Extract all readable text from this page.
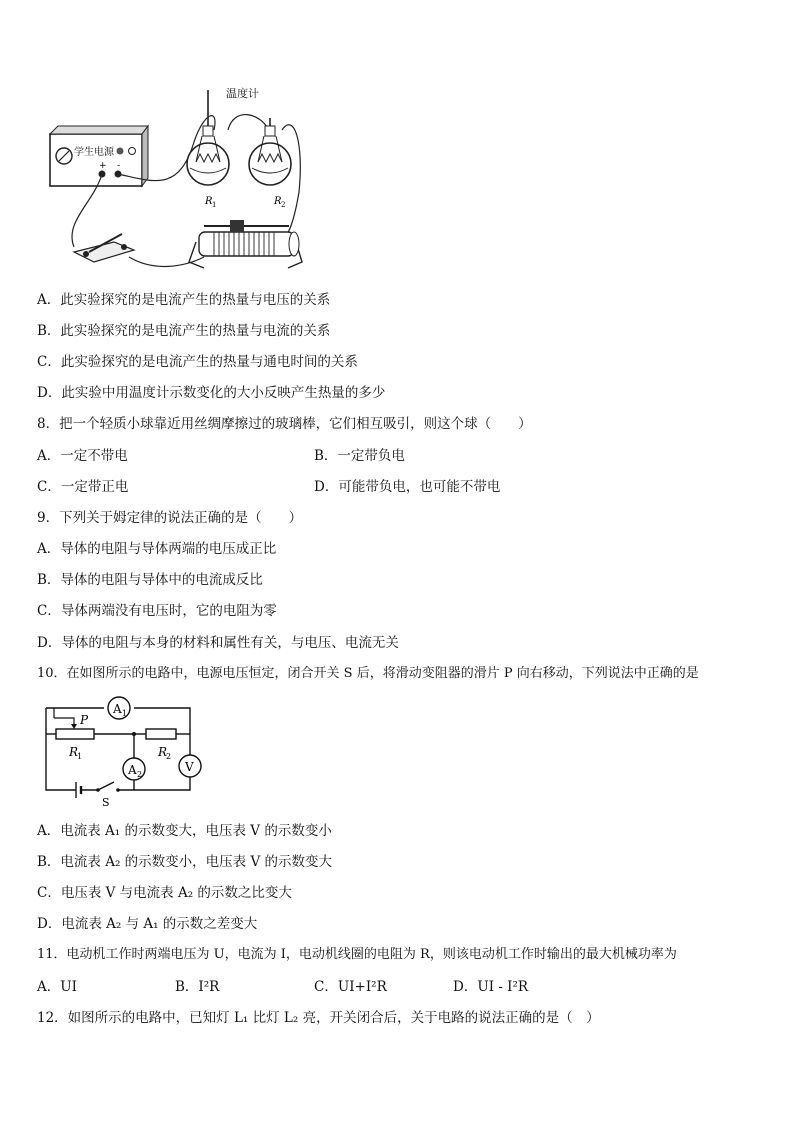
温度计
学生电源
+ -
R 1	R 2
A．此实验探究的是电流产生的热量与电压的关系
B．此实验探究的是电流产生的热量与电流的关系
C．此实验探究的是电流产生的热量与通电时间的关系
D．此实验中用温度计示数变化的大小反映产生热量的多少
8．把一个轻质小球靠近用丝绸摩擦过的玻璃棒，它们相互吸引，则这个球（　　）
A．一定不带电	B．一定带负电
C．一定带正电	D．可能带负电，也可能不带电
9．下列关于姆定律的说法正确的是（　　）
A．导体的电阻与导体两端的电压成正比
B．导体的电阻与导体中的电流成反比
C．导体两端没有电压时，它的电阻为零
D．导体的电阻与本身的材料和属性有关，与电压、电流无关
10．在如图所示的电路中，电源电压恒定，闭合开关 S 后，将滑动变阻器的滑片 P 向右移动，下列说法中正确的是
A 1
P
R
1	R
2
A 2
V
S
A．电流表 A₁ 的示数变大，电压表 V 的示数变小
B．电流表 A₂ 的示数变小，电压表 V 的示数变大
C．电压表 V 与电流表 A₂ 的示数之比变大
D．电流表 A₂ 与 A₁ 的示数之差变大
11．电动机工作时两端电压为 U，电流为 I，电动机线圈的电阻为 R，则该电动机工作时输出的最大机械功率为
A．UI	B．I²R	C．UI+I²R	D．UI - I²R
12．如图所示的电路中，已知灯 L₁ 比灯 L₂ 亮，开关闭合后，关于电路的说法正确的是（　）
